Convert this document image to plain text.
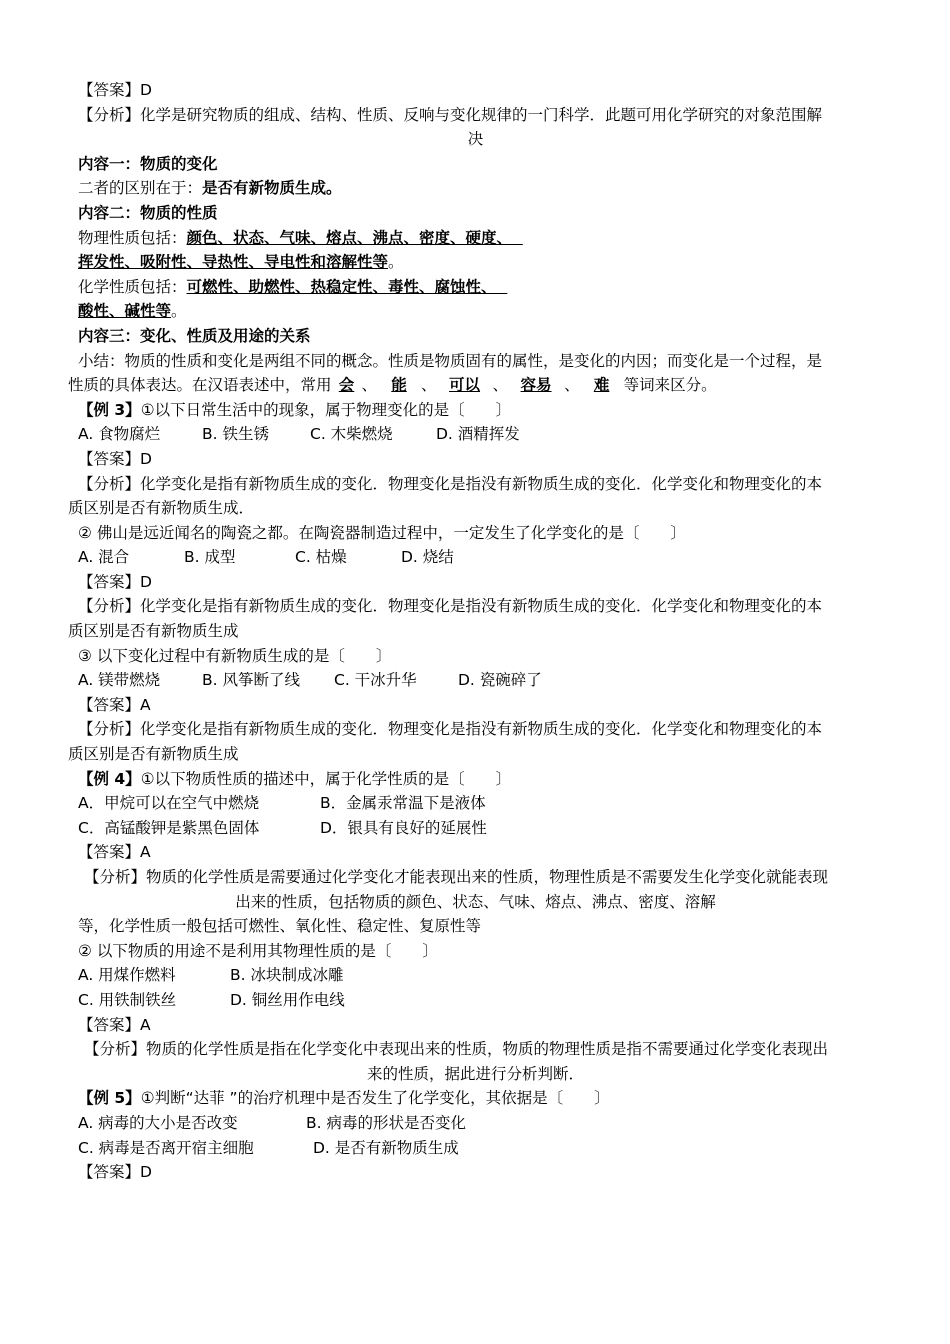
【答案】D

【分析】化学是研究物质的组成、结构、性质、反响与变化规律的一门科学．此题可用化学研究的对象范围解

决

内容一：物质的变化

二者的区别在于：是否有新物质生成。

内容二：物质的性质

物理性质包括：颜色、状态、气味、熔点、沸点、密度、硬度、

挥发性、吸附性、导热性、导电性和溶解性等。

化学性质包括：可燃性、助燃性、热稳定性、毒性、腐蚀性、

酸性、碱性等。

内容三：变化、性质及用途的关系

小结：物质的性质和变化是两组不同的概念。性质是物质固有的属性，是变化的内因；而变化是一个过程，是

性质的具体表达。在汉语表述中，常用 会 、 能 、 可以 、 容易 、 难 等词来区分。

【例 3】①以下日常生活中的现象，属于物理变化的是〔　　〕

A. 食物腐烂	B. 铁生锈	C. 木柴燃烧	D. 酒精挥发

【答案】D

【分析】化学变化是指有新物质生成的变化．物理变化是指没有新物质生成的变化．化学变化和物理变化的本

质区别是否有新物质生成．

② 佛山是远近闻名的陶瓷之都。在陶瓷器制造过程中，一定发生了化学变化的是〔　　〕

A. 混合	B. 成型	C. 枯燥	D. 烧结

【答案】D

【分析】化学变化是指有新物质生成的变化．物理变化是指没有新物质生成的变化．化学变化和物理变化的本

质区别是否有新物质生成

③ 以下变化过程中有新物质生成的是〔　　〕

A. 镁带燃烧	B. 风筝断了线 C. 干冰升华	D. 瓷碗碎了

【答案】A

【分析】化学变化是指有新物质生成的变化．物理变化是指没有新物质生成的变化．化学变化和物理变化的本

质区别是否有新物质生成

【例 4】①以下物质性质的描述中，属于化学性质的是〔　　〕

A．甲烷可以在空气中燃烧	B．金属汞常温下是液体

C．高锰酸钾是紫黑色固体	D．银具有良好的延展性

【答案】A

【分析】物质的化学性质是需要通过化学变化才能表现出来的性质，物理性质是不需要发生化学变化就能表现

出来的性质，包括物质的颜色、状态、气味、熔点、沸点、密度、溶解

等，化学性质一般包括可燃性、氧化性、稳定性、复原性等

② 以下物质的用途不是利用其物理性质的是〔　　〕

A. 用煤作燃料	B. 冰块制成冰雕

C. 用铁制铁丝	D. 铜丝用作电线

【答案】A

【分析】物质的化学性质是指在化学变化中表现出来的性质，物质的物理性质是指不需要通过化学变化表现出

来的性质，据此进行分析判断．

【例 5】①判断“达菲 ”的治疗机理中是否发生了化学变化，其依据是〔　　〕

A. 病毒的大小是否改变	B. 病毒的形状是否变化

C. 病毒是否离开宿主细胞	D. 是否有新物质生成

【答案】D
